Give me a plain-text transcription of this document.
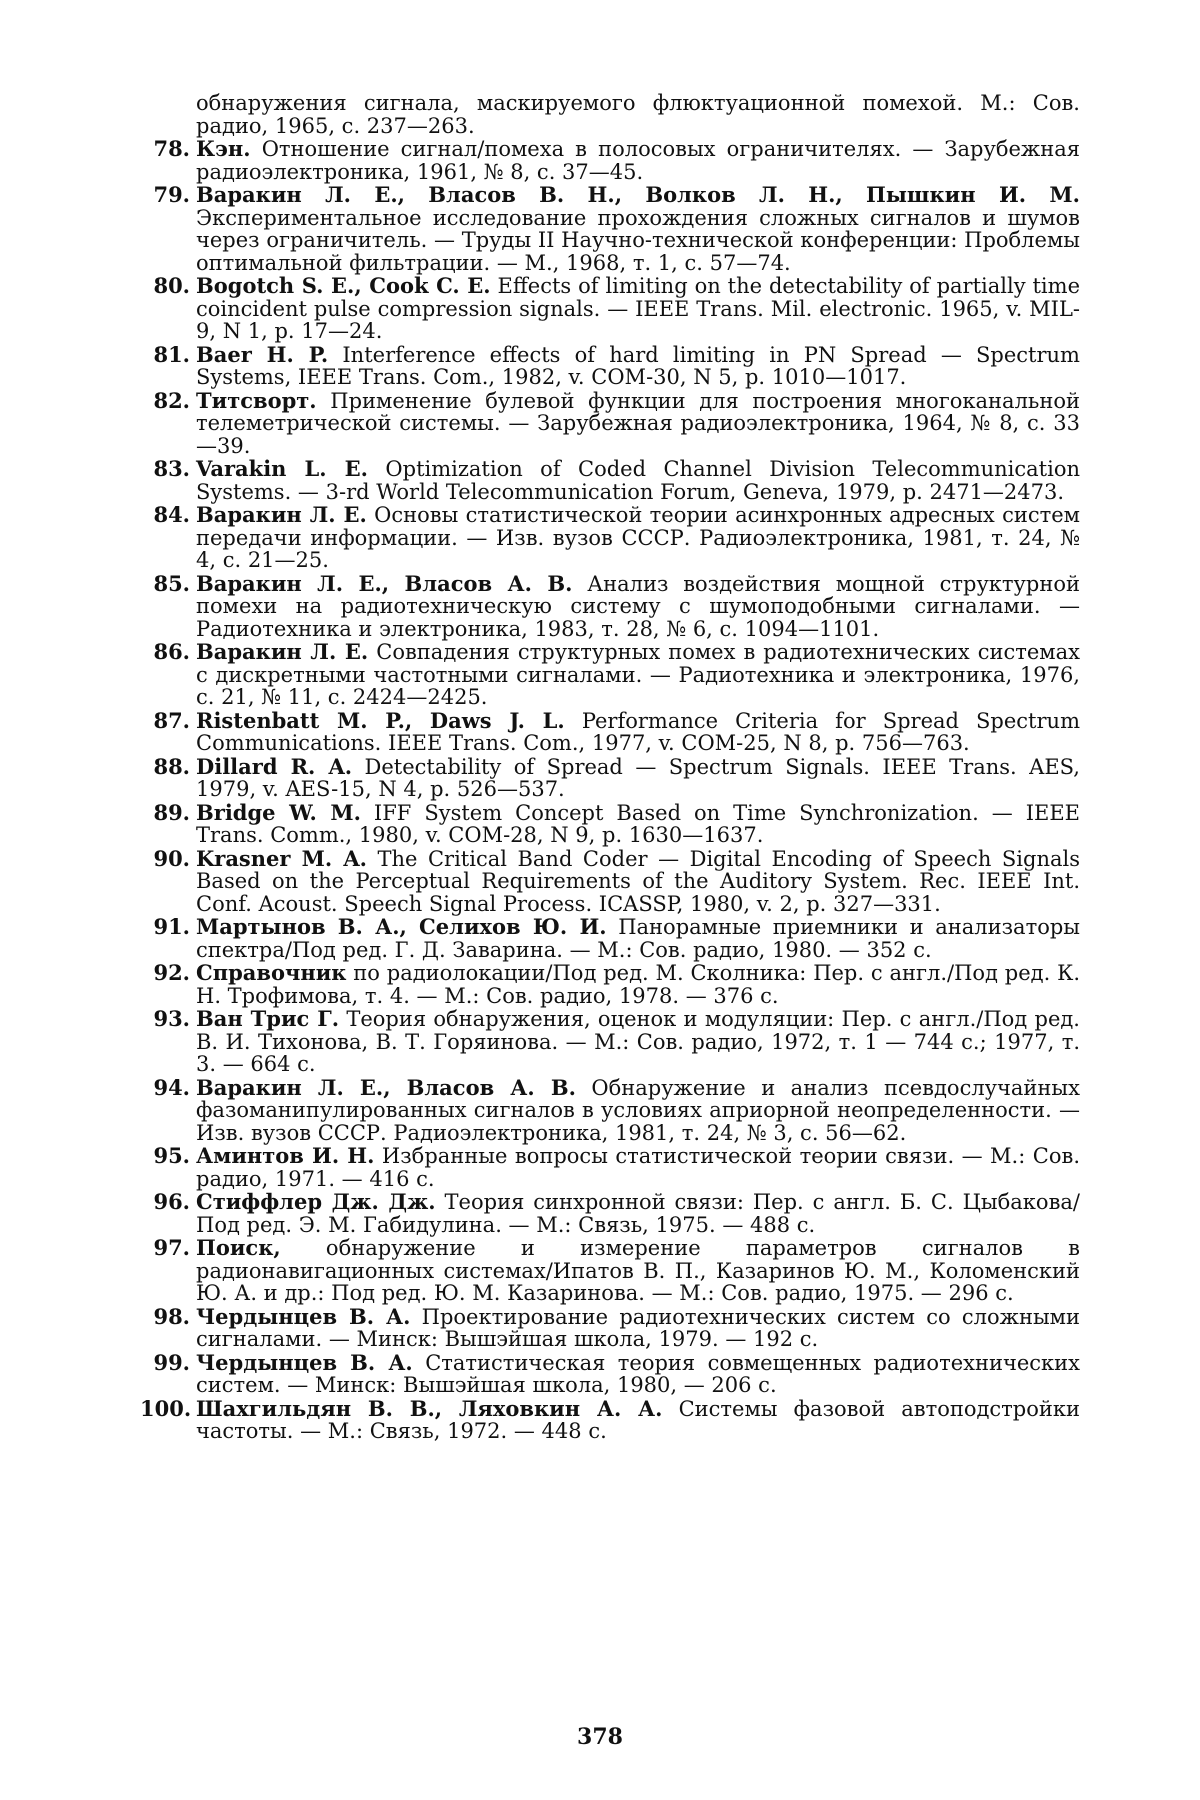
обнаружения сигнала, маскируемого флюктуационной помехой. М.: Сов. радио, 1965, с. 237—263.
78. Кэн. Отношение сигнал/помеха в полосовых ограничителях. — Зарубежная радиоэлектроника, 1961, № 8, с. 37—45.
79. Варакин Л. Е., Власов В. Н., Волков Л. Н., Пышкин И. М. Экспериментальное исследование прохождения сложных сигналов и шумов через ограничитель. — Труды II Научно-технической конференции: Проблемы оптимальной фильтрации. — М., 1968, т. 1, с. 57—74.
80. Bogotch S. E., Cook C. E. Effects of limiting on the detectability of partially time coincident pulse compression signals. — IEEE Trans. Mil. electronic. 1965, v. MIL-9, N 1, p. 17—24.
81. Baer H. P. Interference effects of hard limiting in PN Spread — Spectrum Systems, IEEE Trans. Com., 1982, v. COM-30, N 5, p. 1010—1017.
82. Титсворт. Применение булевой функции для построения многоканальной телеметрической системы. — Зарубежная радиоэлектроника, 1964, № 8, с. 33—39.
83. Varakin L. E. Optimization of Coded Channel Division Telecommunication Systems. — 3-rd World Telecommunication Forum, Geneva, 1979, p. 2471—2473.
84. Варакин Л. Е. Основы статистической теории асинхронных адресных систем передачи информации. — Изв. вузов СССР. Радиоэлектроника, 1981, т. 24, № 4, с. 21—25.
85. Варакин Л. Е., Власов А. В. Анализ воздействия мощной структурной помехи на радиотехническую систему с шумоподобными сигналами. — Радиотехника и электроника, 1983, т. 28, № 6, с. 1094—1101.
86. Варакин Л. Е. Совпадения структурных помех в радиотехнических системах с дискретными частотными сигналами. — Радиотехника и электроника, 1976, с. 21, № 11, с. 2424—2425.
87. Ristenbatt M. P., Daws J. L. Performance Criteria for Spread Spectrum Communications. IEEE Trans. Com., 1977, v. COM-25, N 8, p. 756—763.
88. Dillard R. A. Detectability of Spread — Spectrum Signals. IEEE Trans. AES, 1979, v. AES-15, N 4, p. 526—537.
89. Bridge W. M. IFF System Concept Based on Time Synchronization. — IEEE Trans. Comm., 1980, v. COM-28, N 9, p. 1630—1637.
90. Krasner M. A. The Critical Band Coder — Digital Encoding of Speech Signals Based on the Perceptual Requirements of the Auditory System. Rec. IEEE Int. Conf. Acoust. Speech Signal Process. ICASSP, 1980, v. 2, p. 327—331.
91. Мартынов В. А., Селихов Ю. И. Панорамные приемники и анализаторы спектра/Под ред. Г. Д. Заварина. — М.: Сов. радио, 1980. — 352 с.
92. Справочник по радиолокации/Под ред. М. Сколника: Пер. с англ./Под ред. К. Н. Трофимова, т. 4. — М.: Сов. радио, 1978. — 376 с.
93. Ван Трис Г. Теория обнаружения, оценок и модуляции: Пер. с англ./Под ред. В. И. Тихонова, В. Т. Горяинова. — М.: Сов. радио, 1972, т. 1 — 744 с.; 1977, т. 3. — 664 с.
94. Варакин Л. Е., Власов А. В. Обнаружение и анализ псевдослучайных фазоманипулированных сигналов в условиях априорной неопределенности. — Изв. вузов СССР. Радиоэлектроника, 1981, т. 24, № 3, с. 56—62.
95. Аминтов И. Н. Избранные вопросы статистической теории связи. — М.: Сов. радио, 1971. — 416 с.
96. Стиффлер Дж. Дж. Теория синхронной связи: Пер. с англ. Б. С. Цыбакова/Под ред. Э. М. Габидулина. — М.: Связь, 1975. — 488 с.
97. Поиск, обнаружение и измерение параметров сигналов в радионавигационных системах/Ипатов В. П., Казаринов Ю. М., Коломенский Ю. А. и др.: Под ред. Ю. М. Казаринова. — М.: Сов. радио, 1975. — 296 с.
98. Чердынцев В. А. Проектирование радиотехнических систем со сложными сигналами. — Минск: Вышэйшая школа, 1979. — 192 с.
99. Чердынцев В. А. Статистическая теория совмещенных радиотехнических систем. — Минск: Вышэйшая школа, 1980, — 206 с.
100. Шахгильдян В. В., Ляховкин А. А. Системы фазовой автоподстройки частоты. — М.: Связь, 1972. — 448 с.
378
